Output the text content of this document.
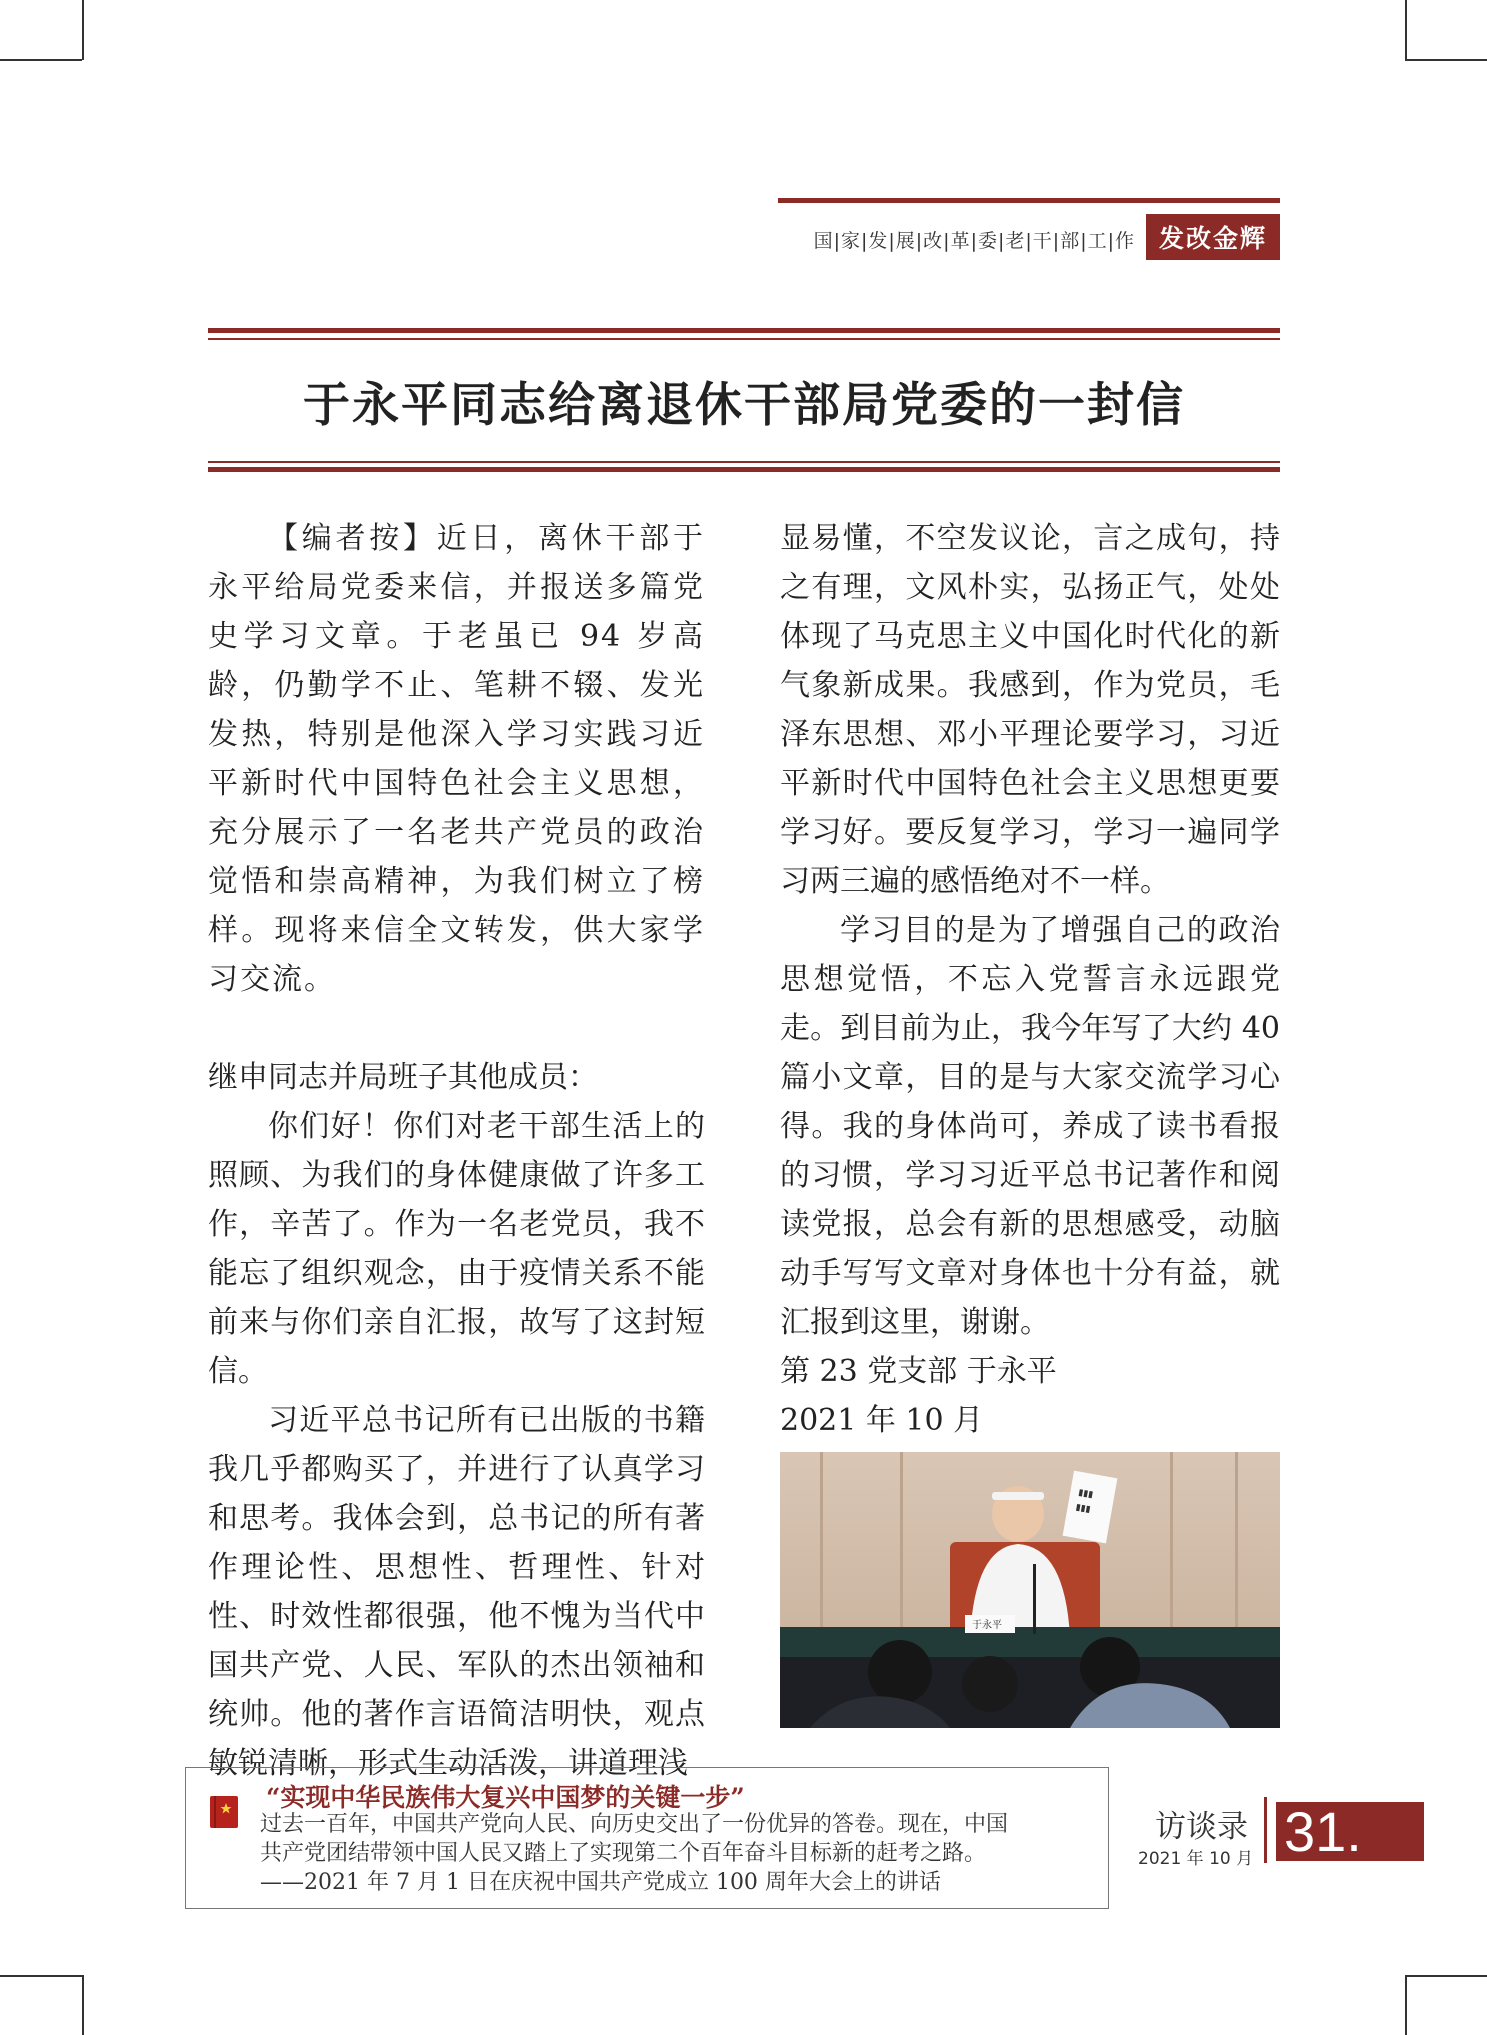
国|家|发|展|改|革|委|老|干|部|工|作 发改金辉
于永平同志给离退休干部局党委的一封信

【编者按】近日，离休干部于永平给局党委来信，并报送多篇党史学习文章。于老虽已 94 岁高龄，仍勤学不止、笔耕不辍、发光发热，特别是他深入学习实践习近平新时代中国特色社会主义思想，充分展示了一名老共产党员的政治觉悟和崇高精神，为我们树立了榜样。现将来信全文转发，供大家学习交流。

继申同志并局班子其他成员：

你们好！你们对老干部生活上的照顾、为我们的身体健康做了许多工作，辛苦了。作为一名老党员，我不能忘了组织观念，由于疫情关系不能前来与你们亲自汇报，故写了这封短信。

习近平总书记所有已出版的书籍我几乎都购买了，并进行了认真学习和思考。我体会到，总书记的所有著作理论性、思想性、哲理性、针对性、时效性都很强，他不愧为当代中国共产党、人民、军队的杰出领袖和统帅。他的著作言语简洁明快，观点敏锐清晰，形式生动活泼，讲道理浅

显易懂，不空发议论，言之成句，持之有理，文风朴实，弘扬正气，处处体现了马克思主义中国化时代化的新气象新成果。我感到，作为党员，毛泽东思想、邓小平理论要学习，习近平新时代中国特色社会主义思想更要学习好。要反复学习，学习一遍同学习两三遍的感悟绝对不一样。

学习目的是为了增强自己的政治思想觉悟，不忘入党誓言永远跟党走。到目前为止，我今年写了大约 40 篇小文章，目的是与大家交流学习心得。我的身体尚可，养成了读书看报的习惯，学习习近平总书记著作和阅读党报，总会有新的思想感受，动脑动手写写文章对身体也十分有益，就汇报到这里，谢谢。

第 23 党支部 于永平

2021 年 10 月

▮▮▮
▮▮▮
于永平
“实现中华民族伟大复兴中国梦的关键一步”

过去一百年，中国共产党向人民、向历史交出了一份优异的答卷。现在，中国

共产党团结带领中国人民又踏上了实现第二个百年奋斗目标新的赶考之路。

——2021 年 7 月 1 日在庆祝中国共产党成立 100 周年大会上的讲话

访谈录
2021 年 10 月 31.
